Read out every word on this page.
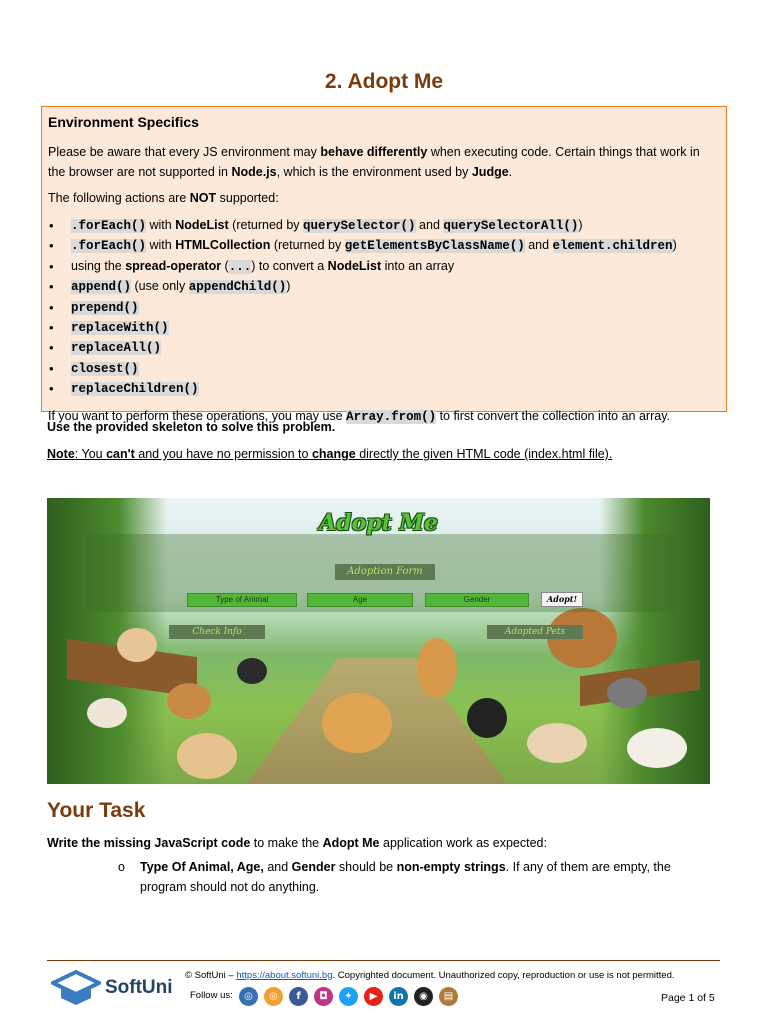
2. Adopt Me
Environment Specifics

Please be aware that every JS environment may behave differently when executing code. Certain things that work in the browser are not supported in Node.js, which is the environment used by Judge.

The following actions are NOT supported:

• .forEach() with NodeList (returned by querySelector() and querySelectorAll())
• .forEach() with HTMLCollection (returned by getElementsByClassName() and element.children)
• using the spread-operator (...) to convert a NodeList into an array
• append() (use only appendChild())
• prepend()
• replaceWith()
• replaceAll()
• closest()
• replaceChildren()

If you want to perform these operations, you may use Array.from() to first convert the collection into an array.

Use the provided skeleton to solve this problem.
Note: You can't and you have no permission to change directly the given HTML code (index.html file).
Adopt Me
Adoption Form
Type of Animal	Age	Gender	Adopt!
Check Info	Adopted Pets
Your Task
Write the missing JavaScript code to make the Adopt Me application work as expected:
o Type Of Animal, Age, and Gender should be non-empty strings. If any of them are empty, the program should not do anything.
SoftUni
© SoftUni – https://about.softuni.bg. Copyrighted document. Unauthorized copy, reproduction or use is not permitted.
Follow us:	◎	◎	f	◘	✦	▶	in	◉	▤	Page 1 of 5
